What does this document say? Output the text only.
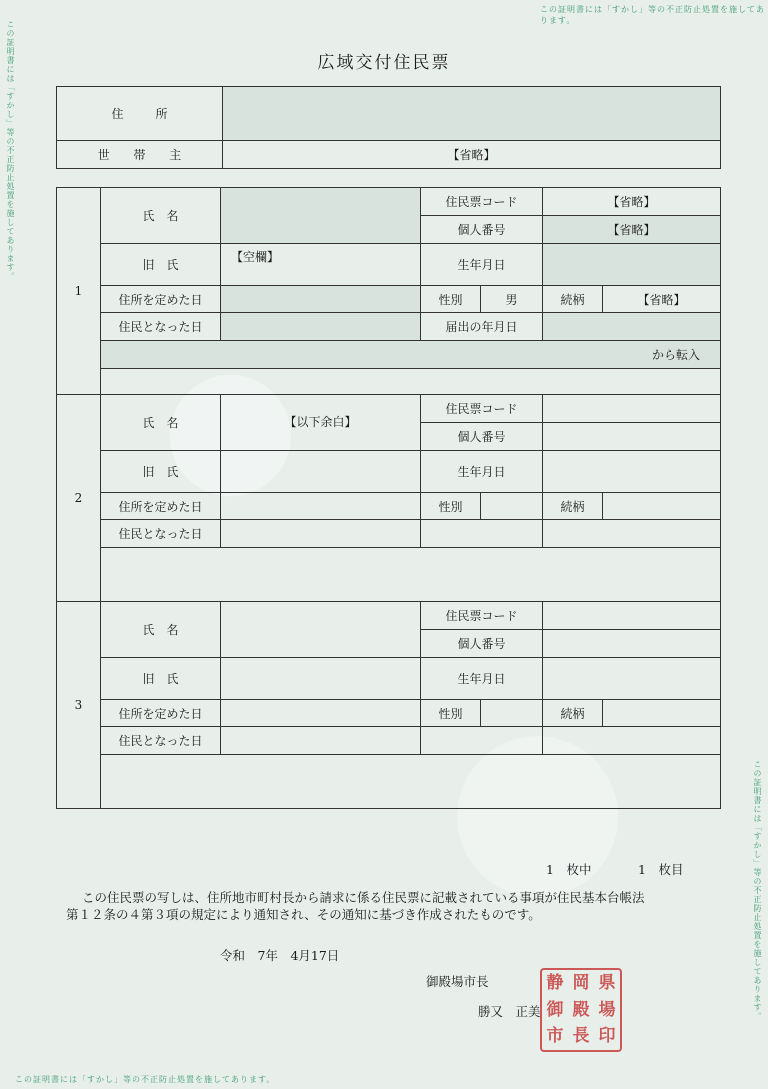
この証明書には「すかし」等の不正防止処置を施してあります。
この証明書には「すかし」等の不正防止処置を施してあります。
この証明書には「すかし」等の不正防止処置を施してあります。
この証明書には「すかし」等の不正防止処置を施してあります。
広域交付住民票
住　所	
世 帯 主	【省略】
1	氏　名		住民票コード		【省略】	
			個人番号		【省略】	
	旧　氏	【空欄】	生年月日			
	住所を定めた日		性別	男	続柄	【省略】
	住民となった日		届出の年月日			
	から転入					

2	氏　名	【以下余白】	住民票コード			
			個人番号			
	旧　氏		生年月日			
	住所を定めた日		性別		続柄	
	住民となった日					

3	氏　名		住民票コード			
			個人番号			
	旧　氏		生年月日			
	住所を定めた日		性別		続柄	
	住民となった日					

1　枚中	1　枚目
この住民票の写しは、住所地市町村長から請求に係る住民票に記載されている事項が住民基本台帳法
第１２条の４第３項の規定により通知され、その通知に基づき作成されたものです。
令和　7年　4月17日
御殿場市長
勝又　正美
静 岡 県
御 殿 場
市 長 印
